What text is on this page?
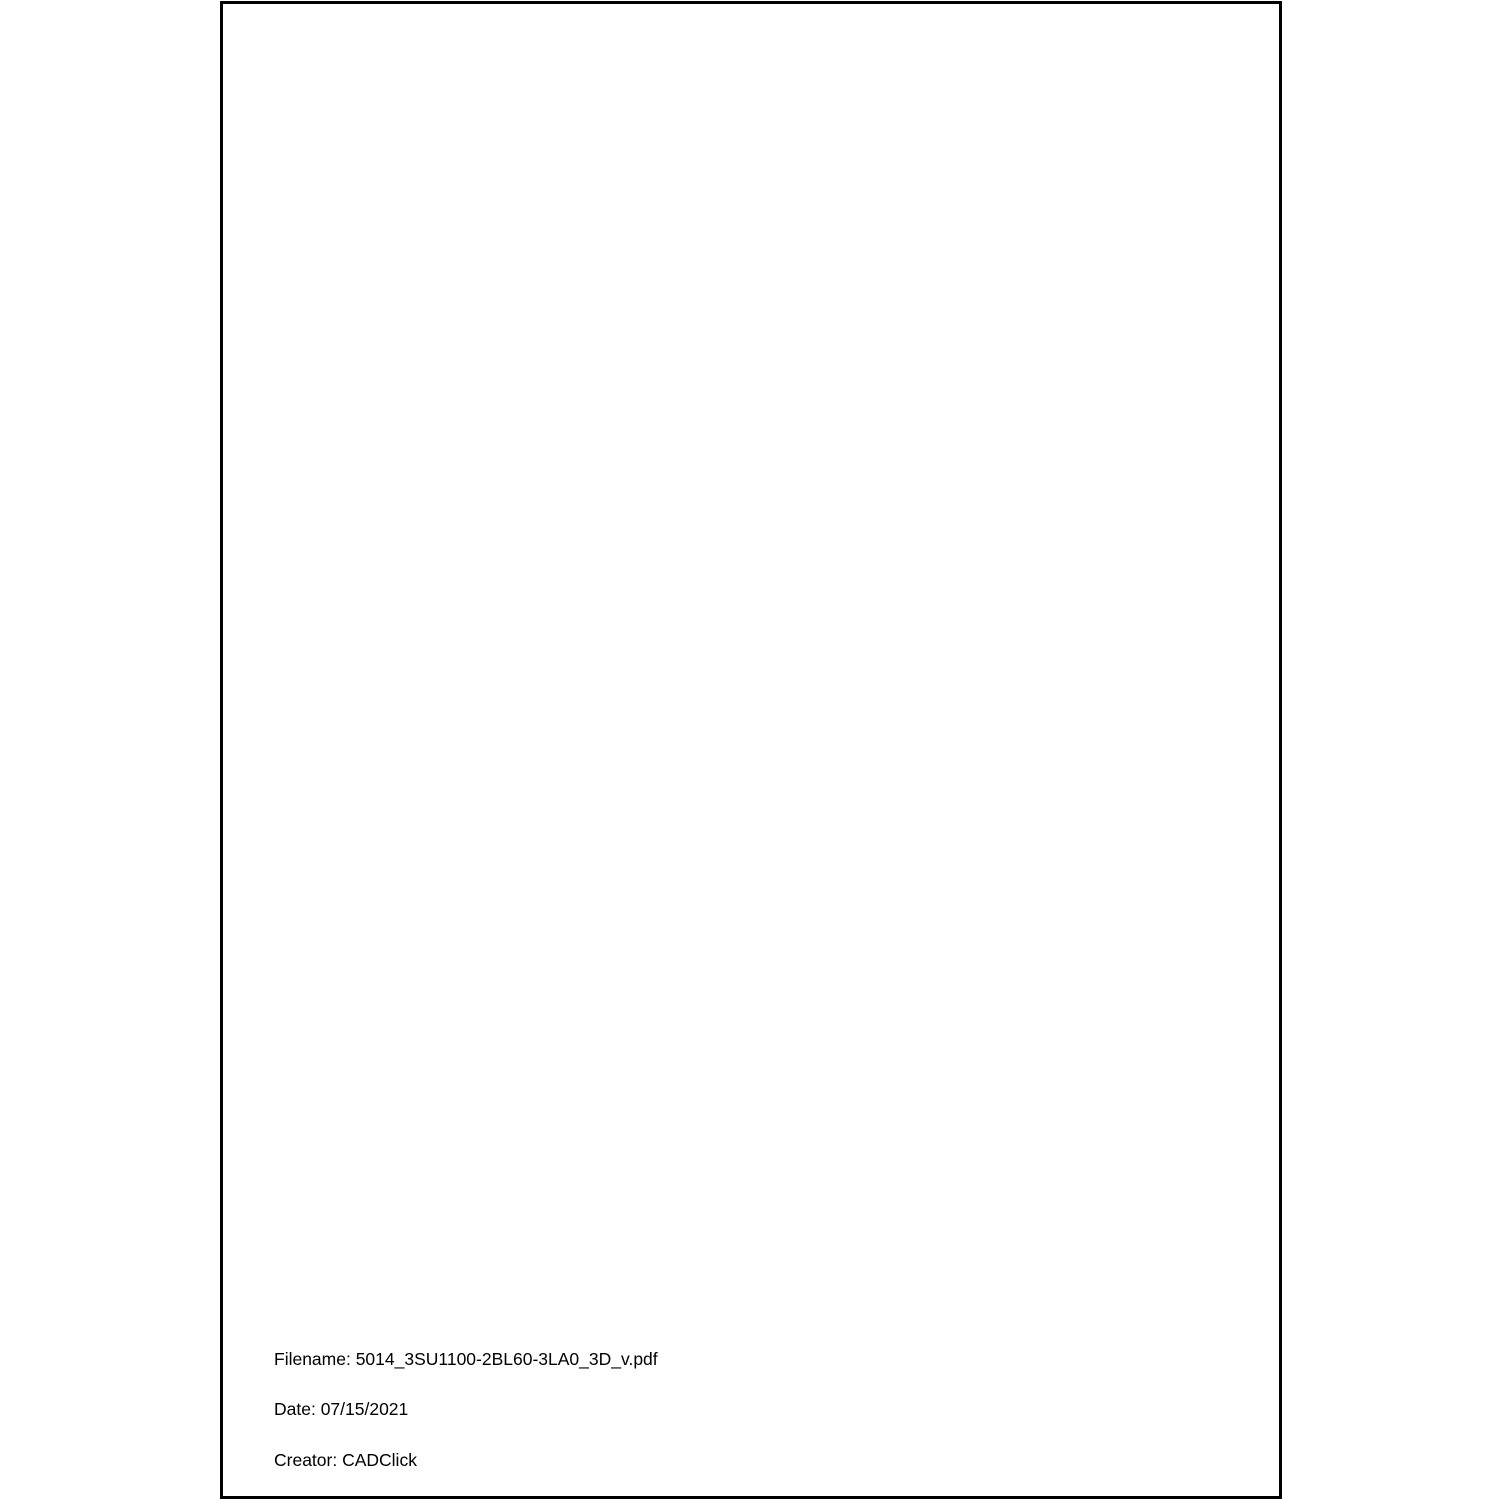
Filename: 5014_3SU1100-2BL60-3LA0_3D_v.pdf

Date: 07/15/2021

Creator: CADClick
